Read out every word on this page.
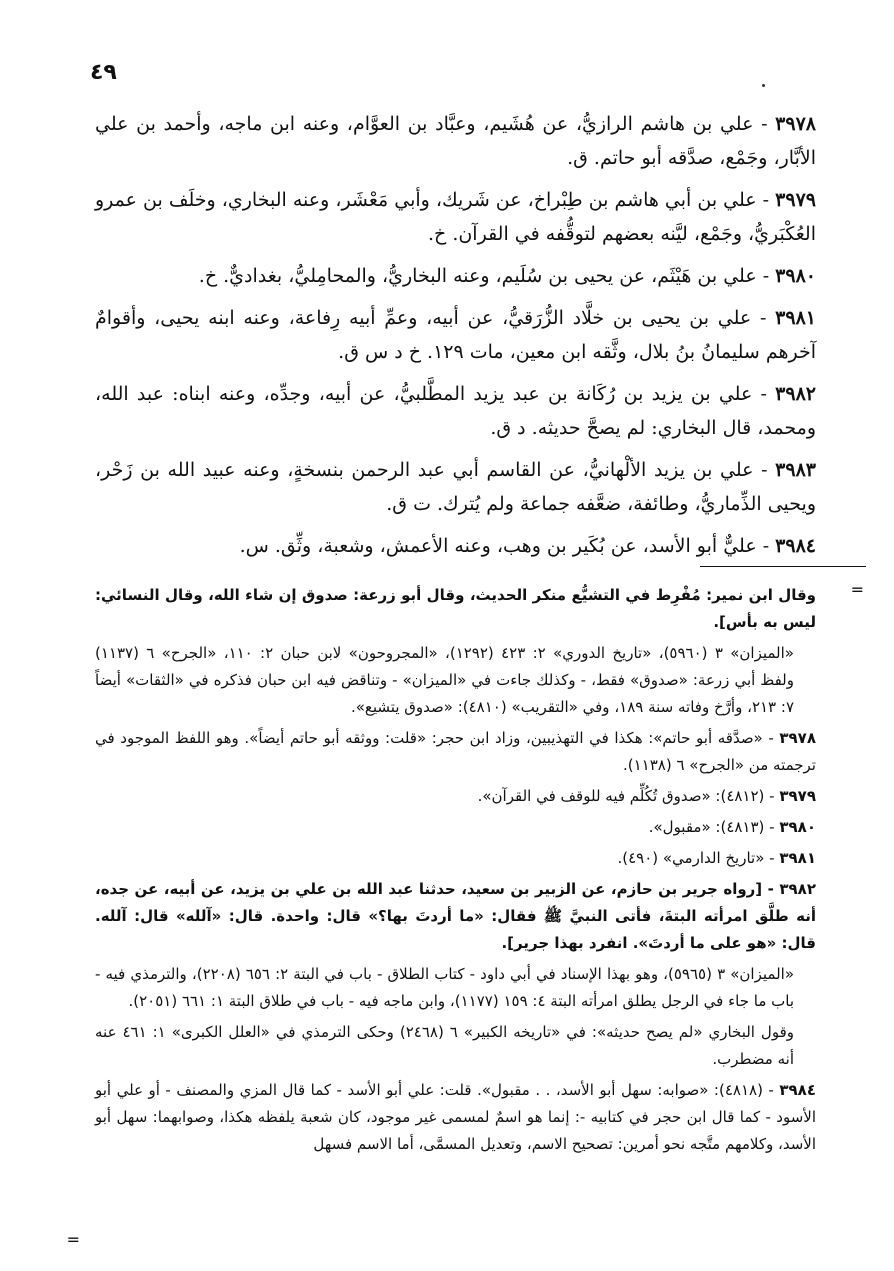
٤٩

٣٩٧٨ - علي بن هاشم الرازيُّ، عن هُشَيم، وعبَّاد بن العوَّام، وعنه ابن ماجه، وأحمد بن علي الأبَّار، وجَمْع، صدَّقه أبو حاتم. ق.

٣٩٧٩ - علي بن أبي هاشم بن طِبْراخ، عن شَريك، وأبي مَعْشَر، وعنه البخاري، وخلَف بن عمرو العُكْبَريُّ، وجَمْع، ليَّنه بعضهم لتوقُّفه في القرآن. خ.

٣٩٨٠ - علي بن هَيْثَم، عن يحيى بن سُلَيم، وعنه البخاريُّ، والمحامِليُّ، بغداديٌّ. خ.

٣٩٨١ - علي بن يحيى بن خلَّاد الزُّرَقيُّ، عن أبيه، وعمِّ أبيه رِفاعة، وعنه ابنه يحيى، وأقوامٌ آخرهم سليمانُ بنُ بلال، وثَّقه ابن معين، مات ١٢٩. خ د س ق.

٣٩٨٢ - علي بن يزيد بن رُكَانة بن عبد يزيد المطَّلبيُّ، عن أبيه، وجدِّه، وعنه ابناه: عبد الله، ومحمد، قال البخاري: لم يصحَّ حديثه. د ق.

٣٩٨٣ - علي بن يزيد الألْهانيُّ، عن القاسم أبي عبد الرحمن بنسخةٍ، وعنه عبيد الله بن زَحْر، ويحيى الذِّماريُّ، وطائفة، ضعَّفه جماعة ولم يُترك. ت ق.

٣٩٨٤ - عليٌّ أبو الأسد، عن بُكَير بن وهب، وعنه الأعمش، وشعبة، وثِّق. س.

=
=

وقال ابن نمير: مُفْرِط في التشيُّع منكر الحديث، وقال أبو زرعة: صدوق إن شاء الله، وقال النسائي: ليس به بأس].

«الميزان» ٣ (٥٩٦٠)، «تاريخ الدوري» ٢: ٤٢٣ (١٢٩٢)، «المجروحون» لابن حبان ٢: ١١٠، «الجرح» ٦ (١١٣٧) ولفظ أبي زرعة: «صدوق» فقط، - وكذلك جاءت في «الميزان» - وتناقض فيه ابن حبان فذكره في «الثقات» أيضاً ٧: ٢١٣، وأرَّخ وفاته سنة ١٨٩، وفي «التقريب» (٤٨١٠): «صدوق يتشيع».

٣٩٧٨ - «صدَّقه أبو حاتم»: هكذا في التهذيبين، وزاد ابن حجر: «قلت: ووثقه أبو حاتم أيضاً». وهو اللفظ الموجود في ترجمته من «الجرح» ٦ (١١٣٨).

٣٩٧٩ - (٤٨١٢): «صدوق تُكُلِّم فيه للوقف في القرآن».

٣٩٨٠ - (٤٨١٣): «مقبول».

٣٩٨١ - «تاريخ الدارمي» (٤٩٠).

٣٩٨٢ - [رواه جرير بن حازم، عن الزبير بن سعيد، حدثنا عبد الله بن علي بن يزيد، عن أبيه، عن جده، أنه طلَّق امرأته البتةَ، فأتى النبيَّ ﷺ فقال: «ما أردتَ بها؟» قال: واحدة. قال: «آلله» قال: آلله. قال: «هو على ما أردتَ». انفرد بهذا جرير].

«الميزان» ٣ (٥٩٦٥)، وهو بهذا الإسناد في أبي داود - كتاب الطلاق - باب في البتة ٢: ٦٥٦ (٢٢٠٨)، والترمذي فيه - باب ما جاء في الرجل يطلق امرأته البتة ٤: ١٥٩ (١١٧٧)، وابن ماجه فيه - باب في طلاق البتة ١: ٦٦١ (٢٠٥١).

وقول البخاري «لم يصح حديثه»: في «تاريخه الكبير» ٦ (٢٤٦٨) وحكى الترمذي في «العلل الكبرى» ١: ٤٦١ عنه أنه مضطرب.

٣٩٨٤ - (٤٨١٨): «صوابه: سهل أبو الأسد، . . مقبول». قلت: علي أبو الأسد - كما قال المزي والمصنف - أو علي أبو الأسود - كما قال ابن حجر في كتابيه -: إنما هو اسمٌ لمسمى غير موجود، كان شعبة يلفظه هكذا، وصوابهما: سهل أبو الأسد، وكلامهم متَّجه نحو أمرين: تصحيح الاسم، وتعديل المسمَّى، أما الاسم فسهل
